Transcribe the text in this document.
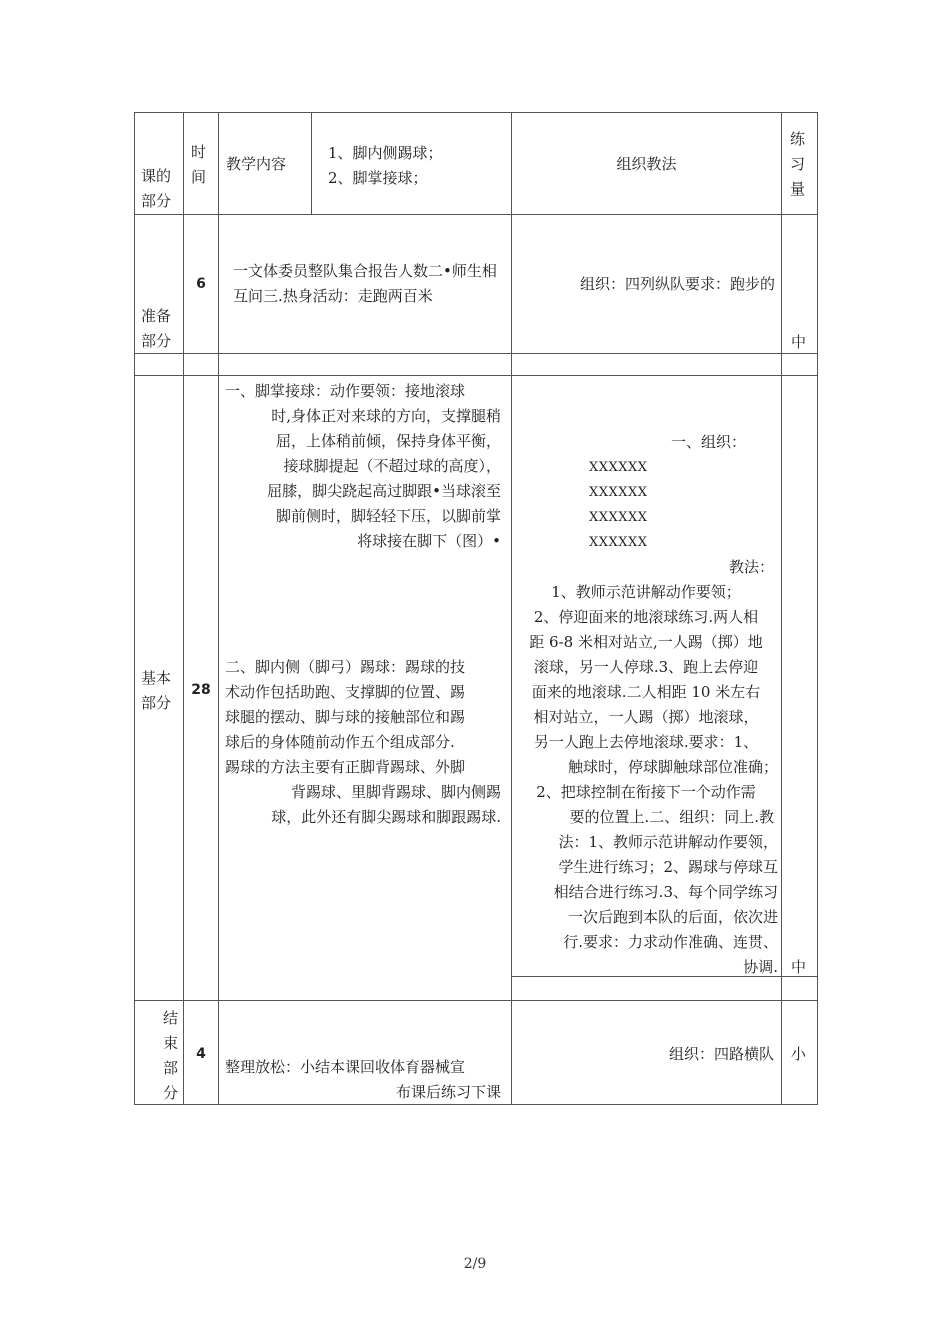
课的部分
时间
教学内容
1、脚内侧踢球；
2、脚掌接球；
组织教法
练习量
准备部分
6
一文体委员整队集合报告人数二•师生相互问三.热身活动：走跑两百米
组织：四列纵队要求：跑步的
中
基本部分
28
一、脚掌接球：动作要领：接地滚球
时,身体正对来球的方向，支撑腿稍
屈，上体稍前倾，保持身体平衡，
接球脚提起（不超过球的高度），
屈膝，脚尖跷起高过脚跟•当球滚至
脚前侧时，脚轻轻下压，以脚前掌
将球接在脚下（图）•
二、脚内侧（脚弓）踢球：踢球的技
术动作包括助跑、支撑脚的位置、踢
球腿的摆动、脚与球的接触部位和踢
球后的身体随前动作五个组成部分.
踢球的方法主要有正脚背踢球、外脚
背踢球、里脚背踢球、脚内侧踢
球，此外还有脚尖踢球和脚跟踢球.
一、组织：
XXXXXX
XXXXXX
XXXXXX
XXXXXX
教法：
1、教师示范讲解动作要领；
2、停迎面来的地滚球练习.两人相
距 6-8 米相对站立,一人踢（掷）地
滚球，另一人停球.3、跑上去停迎
面来的地滚球.二人相距 10 米左右
相对站立，一人踢（掷）地滚球，
另一人跑上去停地滚球.要求：1、
触球时，停球脚触球部位准确；
2、把球控制在衔接下一个动作需
要的位置上.二、组织：同上.教
法：1、教师示范讲解动作要领，
学生进行练习；2、踢球与停球互
相结合进行练习.3、每个同学练习
一次后跑到本队的后面，依次进
行.要求：力求动作准确、连贯、
协调. 中
结
束
部
分
4
整理放松：小结本课回收体育器械宣
布课后练习下课
组织：四路横队 小
2/9
